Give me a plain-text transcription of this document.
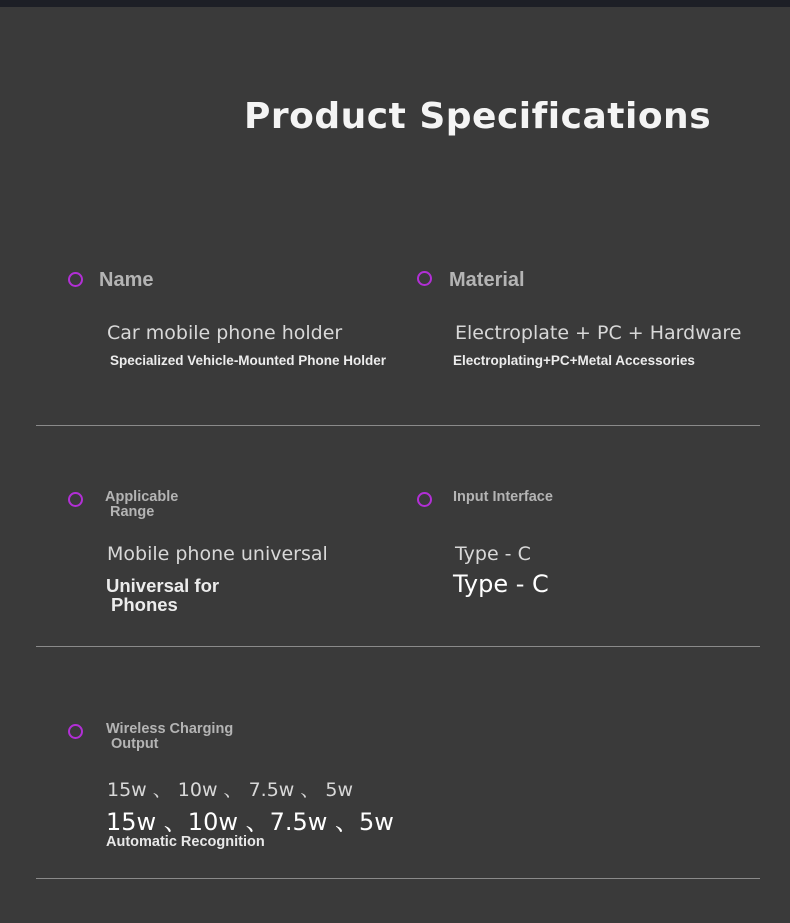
Product Specifications
Name
Car mobile phone holder
Specialized Vehicle-Mounted Phone Holder
Material
Electroplate + PC + Hardware
Electroplating+PC+Metal Accessories
Applicable
Range
Mobile phone universal
Universal for
Phones
Input Interface
Type - C
Type - C
Wireless Charging
Output
15w 、 10w 、 7.5w 、 5w
15w 、10w 、7.5w 、5w
Automatic Recognition
